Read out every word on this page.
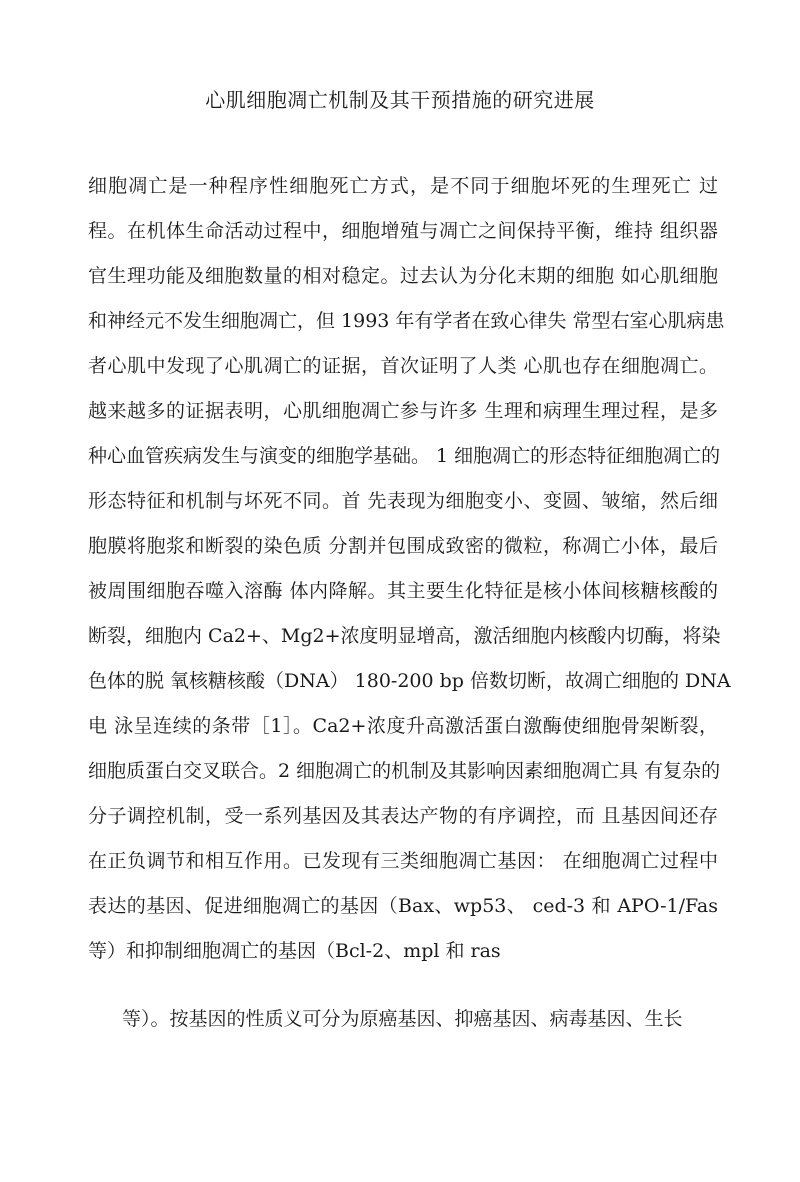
心肌细胞凋亡机制及其干预措施的研究进展
细胞凋亡是一种程序性细胞死亡方式，是不同于细胞坏死的生理死亡 过
程。在机体生命活动过程中，细胞增殖与凋亡之间保持平衡，维持 组织器
官生理功能及细胞数量的相对稳定。过去认为分化末期的细胞 如心肌细胞
和神经元不发生细胞凋亡，但 1993 年有学者在致心律失 常型右室心肌病患
者心肌中发现了心肌凋亡的证据，首次证明了人类 心肌也存在细胞凋亡。
越来越多的证据表明，心肌细胞凋亡参与许多 生理和病理生理过程，是多
种心血管疾病发生与演变的细胞学基础。 1 细胞凋亡的形态特征细胞凋亡的
形态特征和机制与坏死不同。首 先表现为细胞变小、变圆、皱缩，然后细
胞膜将胞浆和断裂的染色质 分割并包围成致密的微粒，称凋亡小体，最后
被周围细胞吞噬入溶酶 体内降解。其主要生化特征是核小体间核糖核酸的
断裂，细胞内 Ca2+、Mg2+浓度明显增高，激活细胞内核酸内切酶，将染
色体的脱 氧核糖核酸（DNA） 180-200 bp 倍数切断，故凋亡细胞的 DNA
电 泳呈连续的条带［1］。Ca2+浓度升高激活蛋白激酶使细胞骨架断裂，
细胞质蛋白交叉联合。2 细胞凋亡的机制及其影响因素细胞凋亡具 有复杂的
分子调控机制，受一系列基因及其表达产物的有序调控，而 且基因间还存
在正负调节和相互作用。已发现有三类细胞凋亡基因： 在细胞凋亡过程中
表达的基因、促进细胞凋亡的基因（Bax、wp53、 ced-3 和 APO-1/Fas
等）和抑制细胞凋亡的基因（Bcl-2、mpl 和 ras
等）。按基因的性质义可分为原癌基因、抑癌基因、病毒基因、生长
